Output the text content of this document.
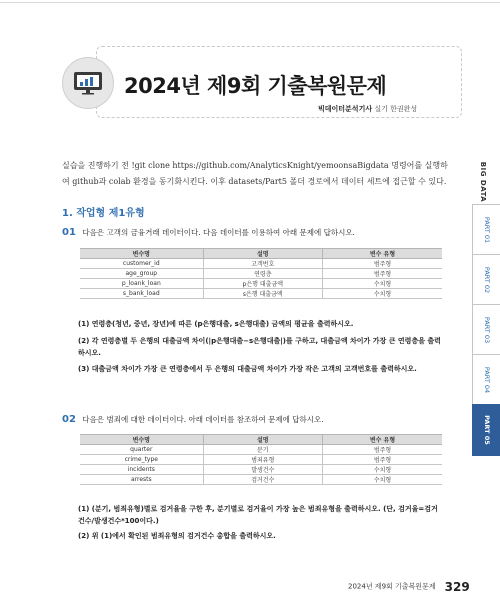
2024년 제9회 기출복원문제
빅데이터분석기사 실기 한권완성
실습을 진행하기 전 !git clone https://github.com/AnalyticsKnight/yemoonsaBigdata 명령어를 실행하여 github과 colab 환경을 동기화시킨다. 이후 datasets/Part5 폴더 경로에서 데이터 세트에 접근할 수 있다.
1. 작업형 제1유형
01 다음은 고객의 금융거래 데이터이다. 다음 데이터를 이용하여 아래 문제에 답하시오.
변수명	설명	변수 유형
customer_id	고객번호	범주형
age_group	연령층	범주형
p_loank_loan	p은행 대출금액	수치형
s_bank_load	s은행 대출금액	수치형
(1) 연령층(청년, 중년, 장년)에 따른 (p은행대출, s은행대출) 금액의 평균을 출력하시오.
(2) 각 연령층별 두 은행의 대출금액 차이(|p은행대출−s은행대출|)를 구하고, 대출금액 차이가 가장 큰 연령층을 출력하시오.
(3) 대출금액 차이가 가장 큰 연령층에서 두 은행의 대출금액 차이가 가장 작은 고객의 고객번호를 출력하시오.
02 다음은 범죄에 대한 데이터이다. 아래 데이터를 참조하여 문제에 답하시오.
변수명	설명	변수 유형
quarter	분기	범주형
crime_type	범죄유형	범주형
incidents	발생건수	수치형
arrests	검거건수	수치형
(1) (분기, 범죄유형)별로 검거율을 구한 후, 분기별로 검거율이 가장 높은 범죄유형을 출력하시오. (단, 검거율=검거건수/발생건수*100이다.)
(2) 위 (1)에서 확인된 범죄유형의 검거건수 총합을 출력하시오.
BIG DATA
PART 01
PART 02
PART 03
PART 04
PART 05
2024년 제9회 기출복원문제 329
